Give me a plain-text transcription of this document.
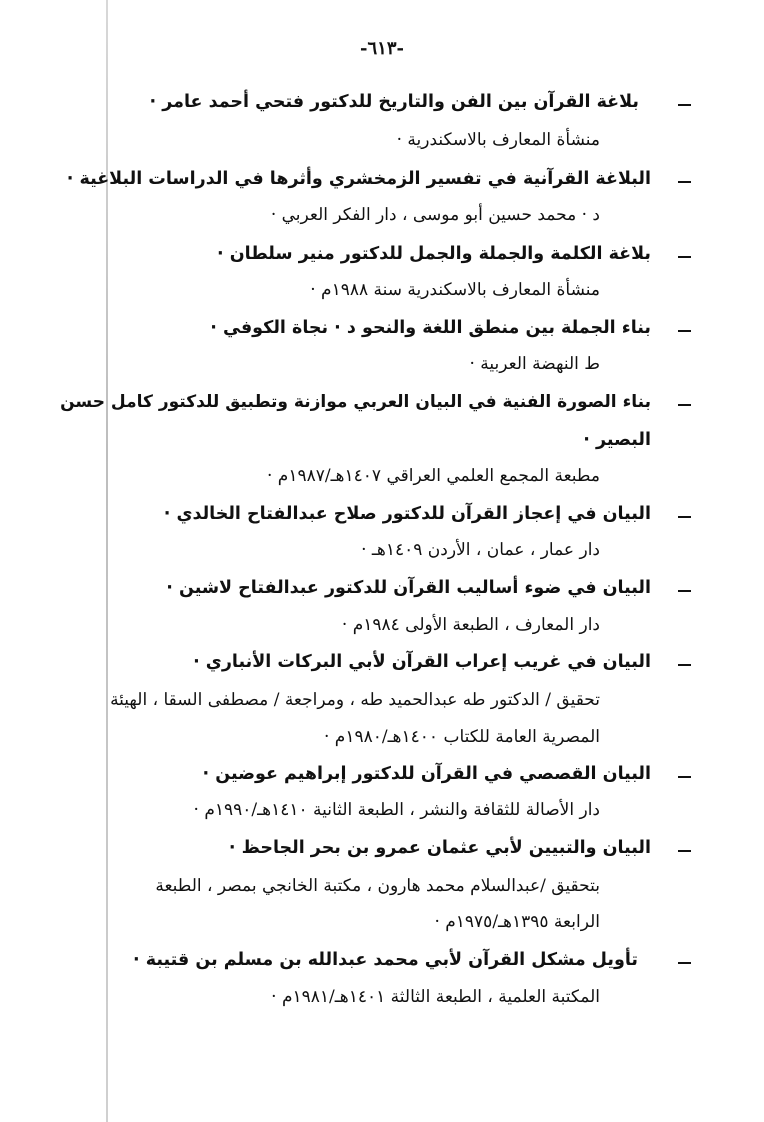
-٦١٣-
بلاغة القرآن بين الفن والتاريخ للدكتور فتحي أحمد عامر ·
منشأة المعارف بالاسكندرية ·
البلاغة القرآنية في تفسير الزمخشري وأثرها في الدراسات البلاغية ·
د · محمد حسين أبو موسى ، دار الفكر العربي ·
بلاغة الكلمة والجملة والجمل للدكتور منير سلطان ·
منشأة المعارف بالاسكندرية سنة ١٩٨٨م ·
بناء الجملة بين منطق اللغة والنحو د · نجاة الكوفي ·
ط النهضة العربية ·
بناء الصورة الفنية في البيان العربي موازنة وتطبيق للدكتور كامل حسن
البصير ·
مطبعة المجمع العلمي العراقي ١٤٠٧هـ/١٩٨٧م ·
البيان في إعجاز القرآن للدكتور صلاح عبدالفتاح الخالدي ·
دار عمار ، عمان ، الأردن ١٤٠٩هـ ·
البيان في ضوء أساليب القرآن للدكتور عبدالفتاح لاشين ·
دار المعارف ، الطبعة الأولى ١٩٨٤م ·
البيان في غريب إعراب القرآن لأبي البركات الأنباري ·
تحقيق / الدكتور طه عبدالحميد طه ، ومراجعة / مصطفى السقا ، الهيئة
المصرية العامة للكتاب ١٤٠٠هـ/١٩٨٠م ·
البيان القصصي في القرآن للدكتور إبراهيم عوضين ·
دار الأصالة للثقافة والنشر ، الطبعة الثانية ١٤١٠هـ/١٩٩٠م ·
البيان والتبيين لأبي عثمان عمرو بن بحر الجاحظ ·
بتحقيق /عبدالسلام محمد هارون ، مكتبة الخانجي بمصر ، الطبعة
الرابعة ١٣٩٥هـ/١٩٧٥م ·
تأويل مشكل القرآن لأبي محمد عبدالله بن مسلم بن قتيبة ·
المكتبة العلمية ، الطبعة الثالثة ١٤٠١هـ/١٩٨١م ·
